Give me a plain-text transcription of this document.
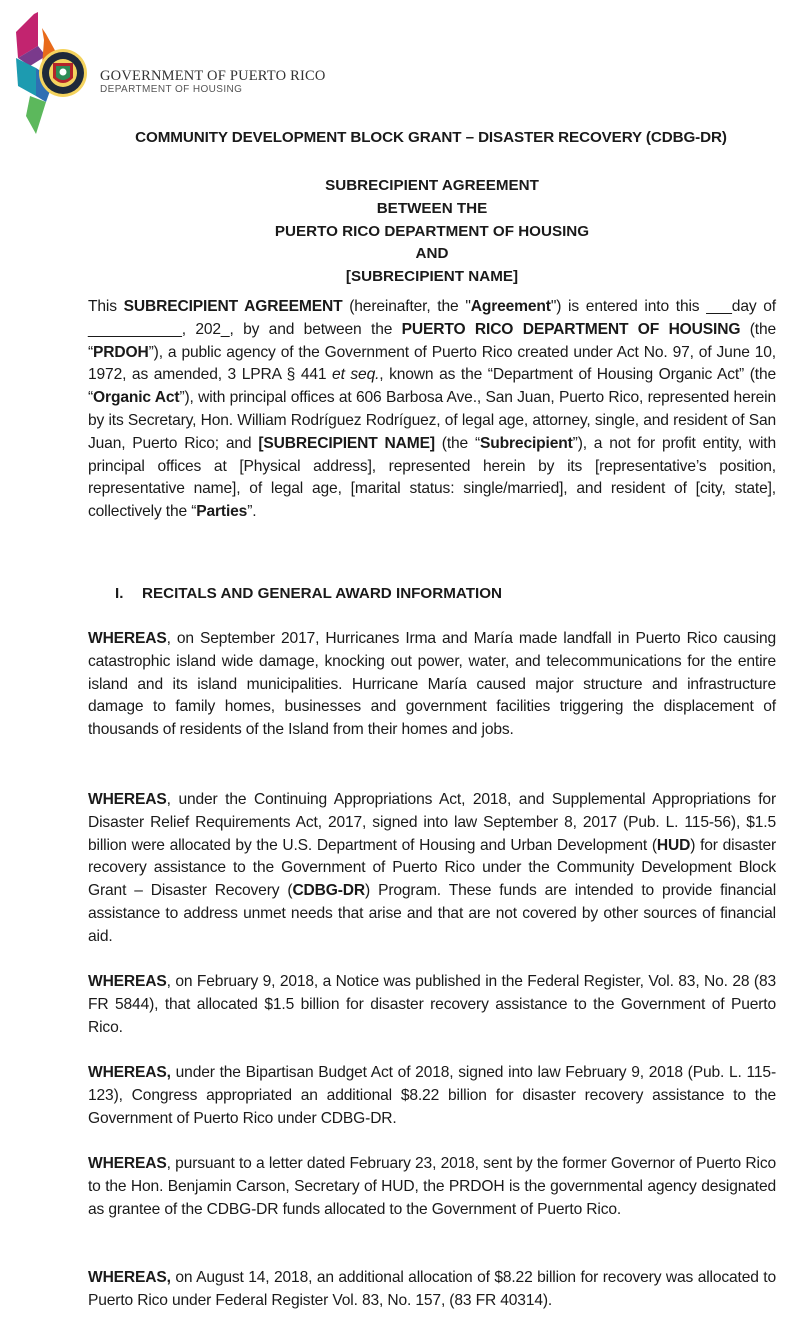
GOVERNMENT OF PUERTO RICO
DEPARTMENT OF HOUSING
COMMUNITY DEVELOPMENT BLOCK GRANT – DISASTER RECOVERY (CDBG-DR)
SUBRECIPIENT AGREEMENT
BETWEEN THE
PUERTO RICO DEPARTMENT OF HOUSING
AND
[SUBRECIPIENT NAME]

This SUBRECIPIENT AGREEMENT (hereinafter, the "Agreement") is entered into this ___day of ___________, 202_, by and between the PUERTO RICO DEPARTMENT OF HOUSING (the “PRDOH”), a public agency of the Government of Puerto Rico created under Act No. 97, of June 10, 1972, as amended, 3 LPRA § 441 et seq., known as the “Department of Housing Organic Act” (the “Organic Act”), with principal offices at 606 Barbosa Ave., San Juan, Puerto Rico, represented herein by its Secretary, Hon. William Rodríguez Rodríguez, of legal age, attorney, single, and resident of San Juan, Puerto Rico; and [SUBRECIPIENT NAME] (the “Subrecipient”), a not for profit entity, with principal offices at [Physical address], represented herein by its [representative’s position, representative name], of legal age, [marital status: single/married], and resident of [city, state], collectively the “Parties”.

I. RECITALS AND GENERAL AWARD INFORMATION

WHEREAS, on September 2017, Hurricanes Irma and María made landfall in Puerto Rico causing catastrophic island wide damage, knocking out power, water, and telecommunications for the entire island and its island municipalities. Hurricane María caused major structure and infrastructure damage to family homes, businesses and government facilities triggering the displacement of thousands of residents of the Island from their homes and jobs.

WHEREAS, under the Continuing Appropriations Act, 2018, and Supplemental Appropriations for Disaster Relief Requirements Act, 2017, signed into law September 8, 2017 (Pub. L. 115-56), $1.5 billion were allocated by the U.S. Department of Housing and Urban Development (HUD) for disaster recovery assistance to the Government of Puerto Rico under the Community Development Block Grant – Disaster Recovery (CDBG-DR) Program. These funds are intended to provide financial assistance to address unmet needs that arise and that are not covered by other sources of financial aid.

WHEREAS, on February 9, 2018, a Notice was published in the Federal Register, Vol. 83, No. 28 (83 FR 5844), that allocated $1.5 billion for disaster recovery assistance to the Government of Puerto Rico.

WHEREAS, under the Bipartisan Budget Act of 2018, signed into law February 9, 2018 (Pub. L. 115-123), Congress appropriated an additional $8.22 billion for disaster recovery assistance to the Government of Puerto Rico under CDBG-DR.

WHEREAS, pursuant to a letter dated February 23, 2018, sent by the former Governor of Puerto Rico to the Hon. Benjamin Carson, Secretary of HUD, the PRDOH is the governmental agency designated as grantee of the CDBG-DR funds allocated to the Government of Puerto Rico.

WHEREAS, on August 14, 2018, an additional allocation of $8.22 billion for recovery was allocated to Puerto Rico under Federal Register Vol. 83, No. 157, (83 FR 40314).
